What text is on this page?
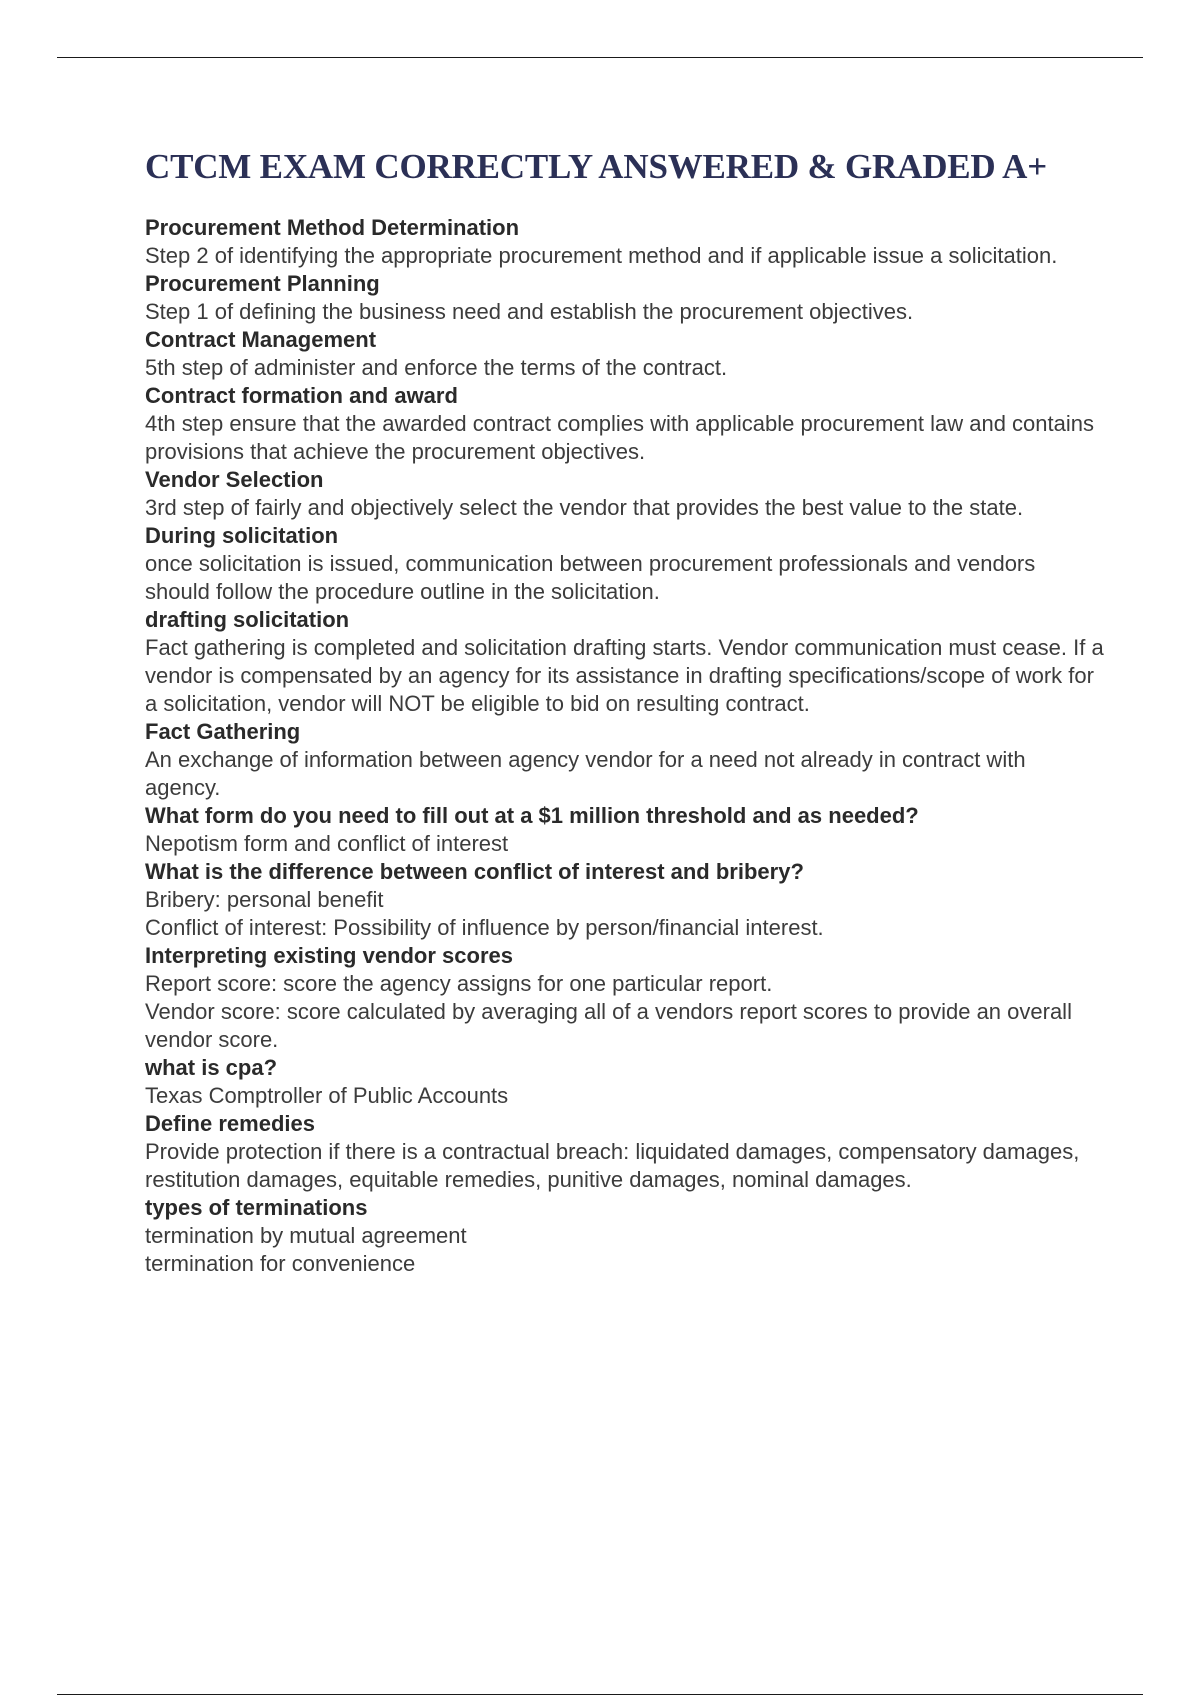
CTCM EXAM CORRECTLY ANSWERED & GRADED A+
Procurement Method Determination
Step 2 of identifying the appropriate procurement method and if applicable issue a solicitation.
Procurement Planning
Step 1 of defining the business need and establish the procurement objectives.
Contract Management
5th step of administer and enforce the terms of the contract.
Contract formation and award
4th step ensure that the awarded contract complies with applicable procurement law and contains provisions that achieve the procurement objectives.
Vendor Selection
3rd step of fairly and objectively select the vendor that provides the best value to the state.
During solicitation
once solicitation is issued, communication between procurement professionals and vendors should follow the procedure outline in the solicitation.
drafting solicitation
Fact gathering is completed and solicitation drafting starts. Vendor communication must cease. If a vendor is compensated by an agency for its assistance in drafting specifications/scope of work for a solicitation, vendor will NOT be eligible to bid on resulting contract.
Fact Gathering
An exchange of information between agency vendor for a need not already in contract with agency.
What form do you need to fill out at a $1 million threshold and as needed?
Nepotism form and conflict of interest
What is the difference between conflict of interest and bribery?
Bribery: personal benefit
Conflict of interest: Possibility of influence by person/financial interest.
Interpreting existing vendor scores
Report score: score the agency assigns for one particular report.
Vendor score: score calculated by averaging all of a vendors report scores to provide an overall vendor score.
what is cpa?
Texas Comptroller of Public Accounts
Define remedies
Provide protection if there is a contractual breach: liquidated damages, compensatory damages, restitution damages, equitable remedies, punitive damages, nominal damages.
types of terminations
termination by mutual agreement
termination for convenience
